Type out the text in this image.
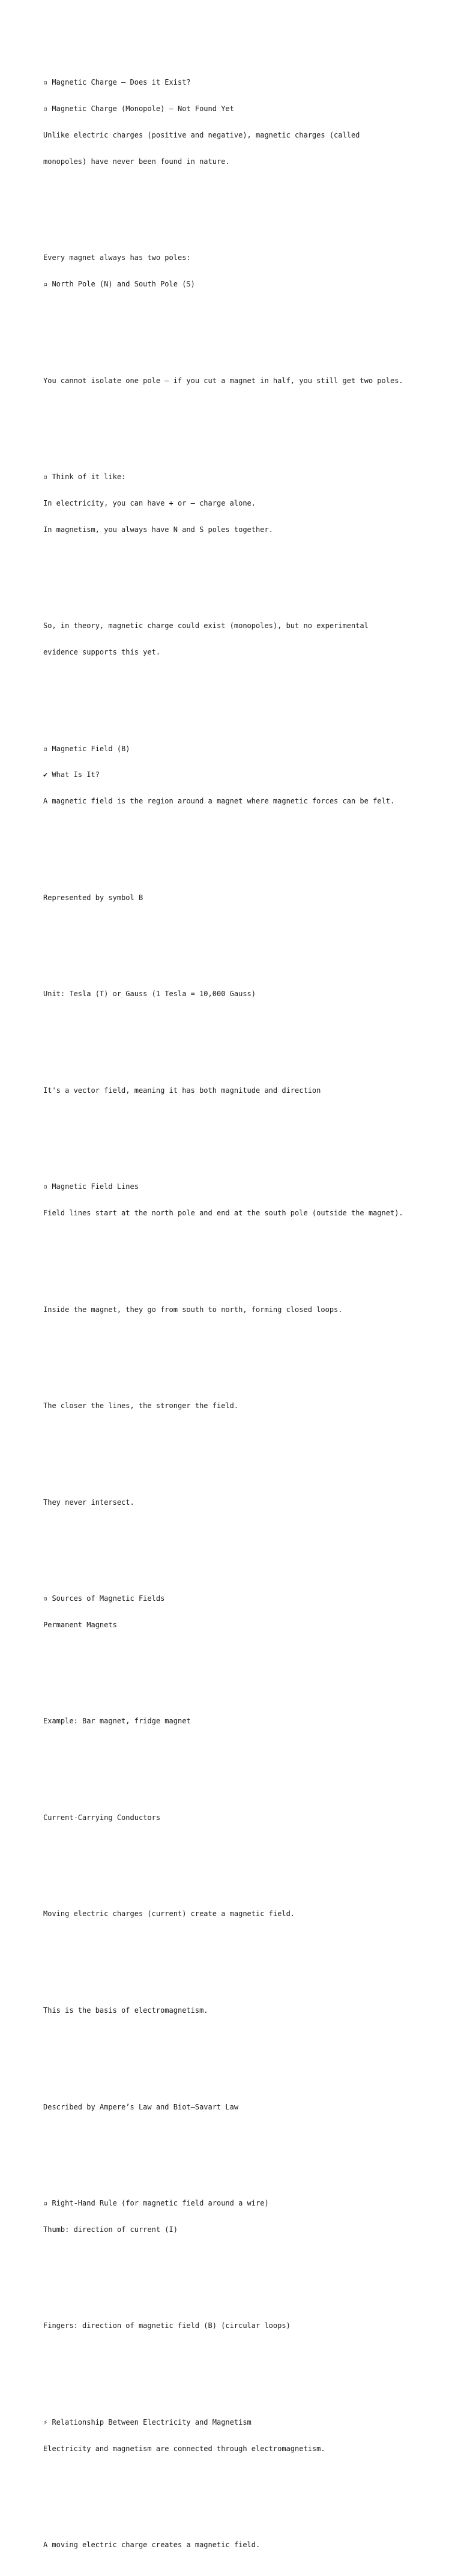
▫ Magnetic Charge – Does it Exist?

▫ Magnetic Charge (Monopole) – Not Found Yet

Unlike electric charges (positive and negative), magnetic charges (called

monopoles) have never been found in nature.

Every magnet always has two poles:

▫ North Pole (N) and South Pole (S)

You cannot isolate one pole — if you cut a magnet in half, you still get two poles.

▫ Think of it like:

In electricity, you can have + or – charge alone.

In magnetism, you always have N and S poles together.

So, in theory, magnetic charge could exist (monopoles), but no experimental

evidence supports this yet.

▫ Magnetic Field (B)

✔ What Is It?

A magnetic field is the region around a magnet where magnetic forces can be felt.

Represented by symbol B

Unit: Tesla (T) or Gauss (1 Tesla = 10,000 Gauss)

It's a vector field, meaning it has both magnitude and direction

▫ Magnetic Field Lines

Field lines start at the north pole and end at the south pole (outside the magnet).

Inside the magnet, they go from south to north, forming closed loops.

The closer the lines, the stronger the field.

They never intersect.

▫ Sources of Magnetic Fields

Permanent Magnets

Example: Bar magnet, fridge magnet

Current-Carrying Conductors

Moving electric charges (current) create a magnetic field.

This is the basis of electromagnetism.

Described by Ampere’s Law and Biot–Savart Law

▫ Right-Hand Rule (for magnetic field around a wire)

Thumb: direction of current (I)

Fingers: direction of magnetic field (B) (circular loops)

⚡ Relationship Between Electricity and Magnetism

Electricity and magnetism are connected through electromagnetism.

A moving electric charge creates a magnetic field.
